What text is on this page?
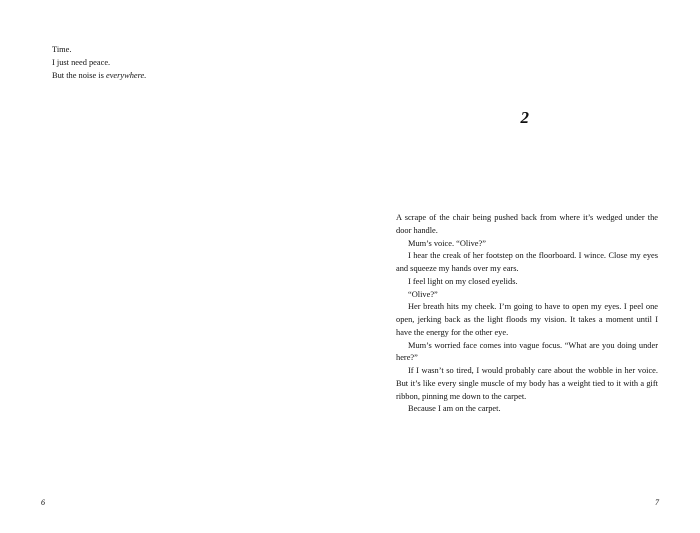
Time.

I just need peace.

But the noise is everywhere.

6
2

A scrape of the chair being pushed back from where it’s wedged under the door handle.

Mum’s voice. “Olive?”

I hear the creak of her footstep on the floorboard. I wince. Close my eyes and squeeze my hands over my ears.

I feel light on my closed eyelids.

“Olive?”

Her breath hits my cheek. I’m going to have to open my eyes. I peel one open, jerking back as the light floods my vision. It takes a moment until I have the energy for the other eye.

Mum’s worried face comes into vague focus. “What are you doing under here?”

If I wasn’t so tired, I would probably care about the wobble in her voice. But it’s like every single muscle of my body has a weight tied to it with a gift ribbon, pinning me down to the carpet.

Because I am on the carpet.

7
